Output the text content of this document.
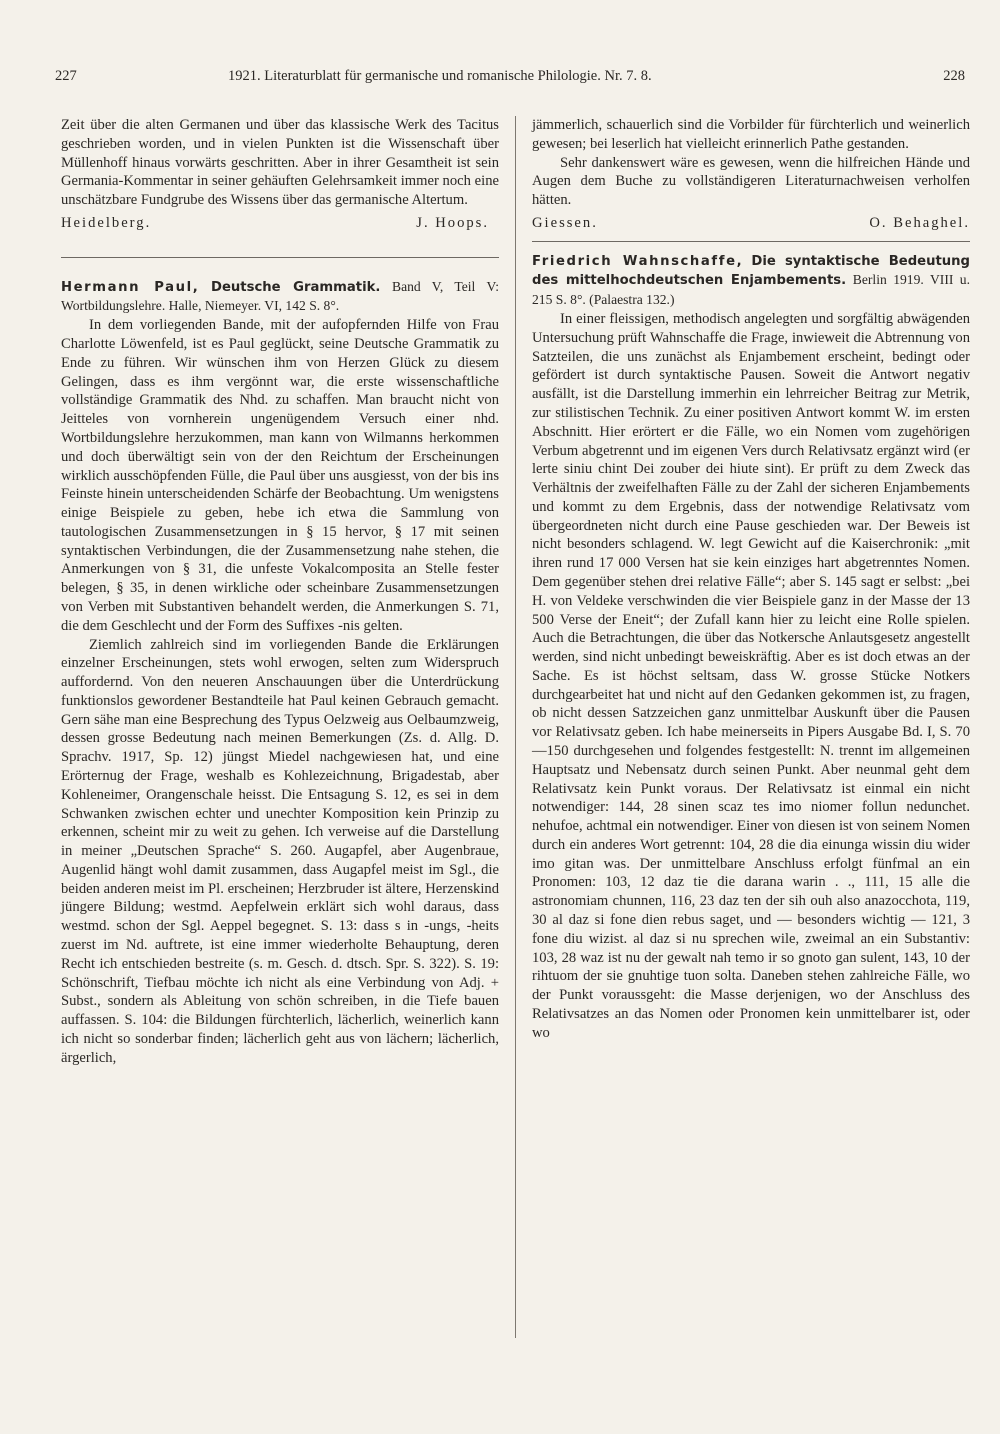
227	1921. Literaturblatt für germanische und romanische Philologie. Nr. 7. 8.	228

Zeit über die alten Germanen und über das klassische Werk des Tacitus geschrieben worden, und in vielen Punkten ist die Wissenschaft über Müllenhoff hinaus vorwärts geschritten. Aber in ihrer Gesamtheit ist sein Germania-Kommentar in seiner gehäuften Gelehrsamkeit immer noch eine unschätzbare Fundgrube des Wissens über das germanische Altertum.

Heidelberg.	J. Hoops.

Hermann Paul, Deutsche Grammatik. Band V, Teil V: Wortbildungslehre. Halle, Niemeyer. VI, 142 S. 8°.

In dem vorliegenden Bande, mit der aufopfernden Hilfe von Frau Charlotte Löwenfeld, ist es Paul geglückt, seine Deutsche Grammatik zu Ende zu führen. Wir wünschen ihm von Herzen Glück zu diesem Gelingen, dass es ihm vergönnt war, die erste wissenschaftliche vollständige Grammatik des Nhd. zu schaffen. Man braucht nicht von Jeitteles von vornherein ungenügendem Versuch einer nhd. Wortbildungslehre herzukommen, man kann von Wilmanns herkommen und doch überwältigt sein von der den Reichtum der Erscheinungen wirklich ausschöpfenden Fülle, die Paul über uns ausgiesst, von der bis ins Feinste hinein unterscheidenden Schärfe der Beobachtung. Um wenigstens einige Beispiele zu geben, hebe ich etwa die Sammlung von tautologischen Zusammensetzungen in § 15 hervor, § 17 mit seinen syntaktischen Verbindungen, die der Zusammensetzung nahe stehen, die Anmerkungen von § 31, die unfeste Vokalcomposita an Stelle fester belegen, § 35, in denen wirkliche oder scheinbare Zusammensetzungen von Verben mit Substantiven behandelt werden, die Anmerkungen S. 71, die dem Geschlecht und der Form des Suffixes -nis gelten.

Ziemlich zahlreich sind im vorliegenden Bande die Erklärungen einzelner Erscheinungen, stets wohl erwogen, selten zum Widerspruch auffordernd. Von den neueren Anschauungen über die Unterdrückung funktionslos gewordener Bestandteile hat Paul keinen Gebrauch gemacht. Gern sähe man eine Besprechung des Typus Oelzweig aus Oelbaumzweig, dessen grosse Bedeutung nach meinen Bemerkungen (Zs. d. Allg. D. Sprachv. 1917, Sp. 12) jüngst Miedel nachgewiesen hat, und eine Erörternug der Frage, weshalb es Kohlezeichnung, Brigadestab, aber Kohleneimer, Orangenschale heisst. Die Entsagung S. 12, es sei in dem Schwanken zwischen echter und unechter Komposition kein Prinzip zu erkennen, scheint mir zu weit zu gehen. Ich verweise auf die Darstellung in meiner „Deutschen Sprache“ S. 260. Augapfel, aber Augenbraue, Augenlid hängt wohl damit zusammen, dass Augapfel meist im Sgl., die beiden anderen meist im Pl. erscheinen; Herzbruder ist ältere, Herzenskind jüngere Bildung; westmd. Aepfelwein erklärt sich wohl daraus, dass westmd. schon der Sgl. Aeppel begegnet. S. 13: dass s in -ungs, -heits zuerst im Nd. auftrete, ist eine immer wiederholte Behauptung, deren Recht ich entschieden bestreite (s. m. Gesch. d. dtsch. Spr. S. 322). S. 19: Schönschrift, Tiefbau möchte ich nicht als eine Verbindung von Adj. + Subst., sondern als Ableitung von schön schreiben, in die Tiefe bauen auffassen. S. 104: die Bildungen fürchterlich, lächerlich, weinerlich kann ich nicht so sonderbar finden; lächerlich geht aus von lächern; lächerlich, ärgerlich,

jämmerlich, schauerlich sind die Vorbilder für fürchterlich und weinerlich gewesen; bei leserlich hat vielleicht erinnerlich Pathe gestanden.

Sehr dankenswert wäre es gewesen, wenn die hilfreichen Hände und Augen dem Buche zu vollständigeren Literaturnachweisen verholfen hätten.

Giessen.	O. Behaghel.

Friedrich Wahnschaffe, Die syntaktische Bedeutung des mittelhochdeutschen Enjambements. Berlin 1919. VIII u. 215 S. 8°. (Palaestra 132.)

In einer fleissigen, methodisch angelegten und sorgfältig abwägenden Untersuchung prüft Wahnschaffe die Frage, inwieweit die Abtrennung von Satzteilen, die uns zunächst als Enjambement erscheint, bedingt oder gefördert ist durch syntaktische Pausen. Soweit die Antwort negativ ausfällt, ist die Darstellung immerhin ein lehrreicher Beitrag zur Metrik, zur stilistischen Technik. Zu einer positiven Antwort kommt W. im ersten Abschnitt. Hier erörtert er die Fälle, wo ein Nomen vom zugehörigen Verbum abgetrennt und im eigenen Vers durch Relativsatz ergänzt wird (er lerte siniu chint Dei zouber dei hiute sint). Er prüft zu dem Zweck das Verhältnis der zweifelhaften Fälle zu der Zahl der sicheren Enjambements und kommt zu dem Ergebnis, dass der notwendige Relativsatz vom übergeordneten nicht durch eine Pause geschieden war. Der Beweis ist nicht besonders schlagend. W. legt Gewicht auf die Kaiserchronik: „mit ihren rund 17 000 Versen hat sie kein einziges hart abgetrenntes Nomen. Dem gegenüber stehen drei relative Fälle“; aber S. 145 sagt er selbst: „bei H. von Veldeke verschwinden die vier Beispiele ganz in der Masse der 13 500 Verse der Eneit“; der Zufall kann hier zu leicht eine Rolle spielen. Auch die Betrachtungen, die über das Notkersche Anlautsgesetz angestellt werden, sind nicht unbedingt beweiskräftig. Aber es ist doch etwas an der Sache. Es ist höchst seltsam, dass W. grosse Stücke Notkers durchgearbeitet hat und nicht auf den Gedanken gekommen ist, zu fragen, ob nicht dessen Satzzeichen ganz unmittelbar Auskunft über die Pausen vor Relativsatz geben. Ich habe meinerseits in Pipers Ausgabe Bd. I, S. 70—150 durchgesehen und folgendes festgestellt: N. trennt im allgemeinen Hauptsatz und Nebensatz durch seinen Punkt. Aber neunmal geht dem Relativsatz kein Punkt voraus. Der Relativsatz ist einmal ein nicht notwendiger: 144, 28 sinen scaz tes imo niomer follun nedunchet. nehufoe, achtmal ein notwendiger. Einer von diesen ist von seinem Nomen durch ein anderes Wort getrennt: 104, 28 die dia einunga wissin diu wider imo gitan was. Der unmittelbare Anschluss erfolgt fünfmal an ein Pronomen: 103, 12 daz tie die darana warin . ., 111, 15 alle die astronomiam chunnen, 116, 23 daz ten der sih ouh also anazocchota, 119, 30 al daz si fone dien rebus saget, und — besonders wichtig — 121, 3 fone diu wizist. al daz si nu sprechen wile, zweimal an ein Substantiv: 103, 28 waz ist nu der gewalt nah temo ir so gnoto gan sulent, 143, 10 der rihtuom der sie gnuhtige tuon solta. Daneben stehen zahlreiche Fälle, wo der Punkt voraussgeht: die Masse derjenigen, wo der Anschluss des Relativsatzes an das Nomen oder Pronomen kein unmittelbarer ist, oder wo
